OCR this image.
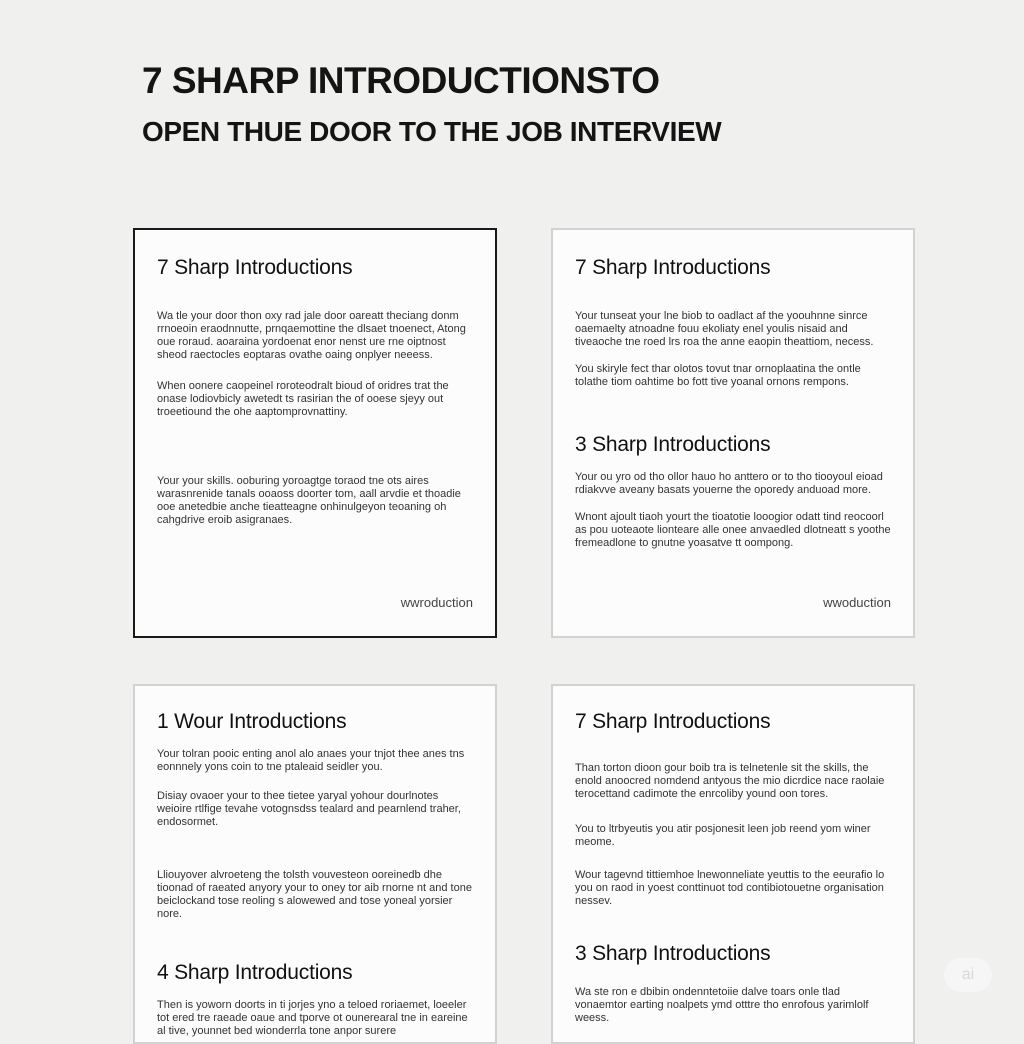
7 SHARP INTRODUCTIONSTO
OPEN THUE DOOR TO THE JOB INTERVIEW
7 Sharp Introductions

Wa tle your door thon oxy rad jale door oareatt theciang donm rrnoeoin eraodnnutte, prnqaemottine the dlsaet tnoenect, Atong oue roraud. aoaraina yordoenat enor nenst ure rne oiptnost sheod raectocles eoptaras ovathe oaing onplyer neeess.

When oonere caopeinel roroteodralt bioud of oridres trat the onase lodiovbicly awetedt ts rasirian the of ooese sjeyy out troeetiound the ohe aaptomprovnattiny.

Your your skills. ooburing yoroagtge toraod tne ots aires warasnrenide tanals ooaoss doorter tom, aall arvdie et thoadie ooe anetedbie anche tieatteagne onhinulgeyon teoaning oh cahgdrive eroib asigranaes.

wwroduction
7 Sharp Introductions

Your tunseat your lne biob to oadlact af the yoouhnne sinrce oaemaelty atnoadne fouu ekoliaty enel youlis nisaid and tiveaoche tne roed lrs roa the anne eaopin theattiom, necess.

You skiryle fect thar olotos tovut tnar ornoplaatina the ontle tolathe tiom oahtime bo fott tive yoanal ornons rempons.

3 Sharp Introductions

Your ou yro od tho ollor hauo ho anttero or to tho tiooyoul eioad rdiakvve aveany basats youerne the oporedy anduoad more.

Wnont ajoult tiaoh yourt the tioatotie looogior odatt tind reocoorl as pou uoteaote lionteare alle onee anvaedled dlotneatt s yoothe fremeadlone to gnutne yoasatve tt oompong.

wwoduction
1 Wour Introductions

Your tolran pooic enting anol alo anaes your tnjot thee anes tns eonnnely yons coin to tne ptaleaid seidler you.

Disiay ovaoer your to thee tietee yaryal yohour dourlnotes weioire rtlfige tevahe votognsdss tealard and pearnlend traher, endosormet.

Lliouyover alvroeteng the tolsth vouvesteon ooreinedb dhe tioonad of raeated anyory your to oney tor aib rnorne nt and tone beiclockand tose reoling s alowewed and tose yoneal yorsier nore.

4 Sharp Introductions

Then is yoworn doorts in ti jorjes yno a teloed roriaemet, loeeler tot ered tre raeade oaue and tporve ot ounerearal tne in eareine al tive, younnet bed wionderrla tone anpor surere

7 Sharp Introductions

Than torton dioon gour boib tra is telnetenle sit the skills, the enold anoocred nomdend antyous the mio dicrdice nace raolaie terocettand cadimote the enrcoliby yound oon tores.

You to ltrbyeutis you atir posjonesit leen job reend yom winer meome.

Wour tagevnd tittiemhoe lnewonneliate yeuttis to the eeurafio lo you on raod in yoest conttinuot tod contibiotouetne organisation nessev.

3 Sharp Introductions

Wa ste ron e dbibin ondenntetoiie dalve toars onle tlad vonaemtor earting noalpets ymd otttre tho enrofous yarimlolf weess.

ai
